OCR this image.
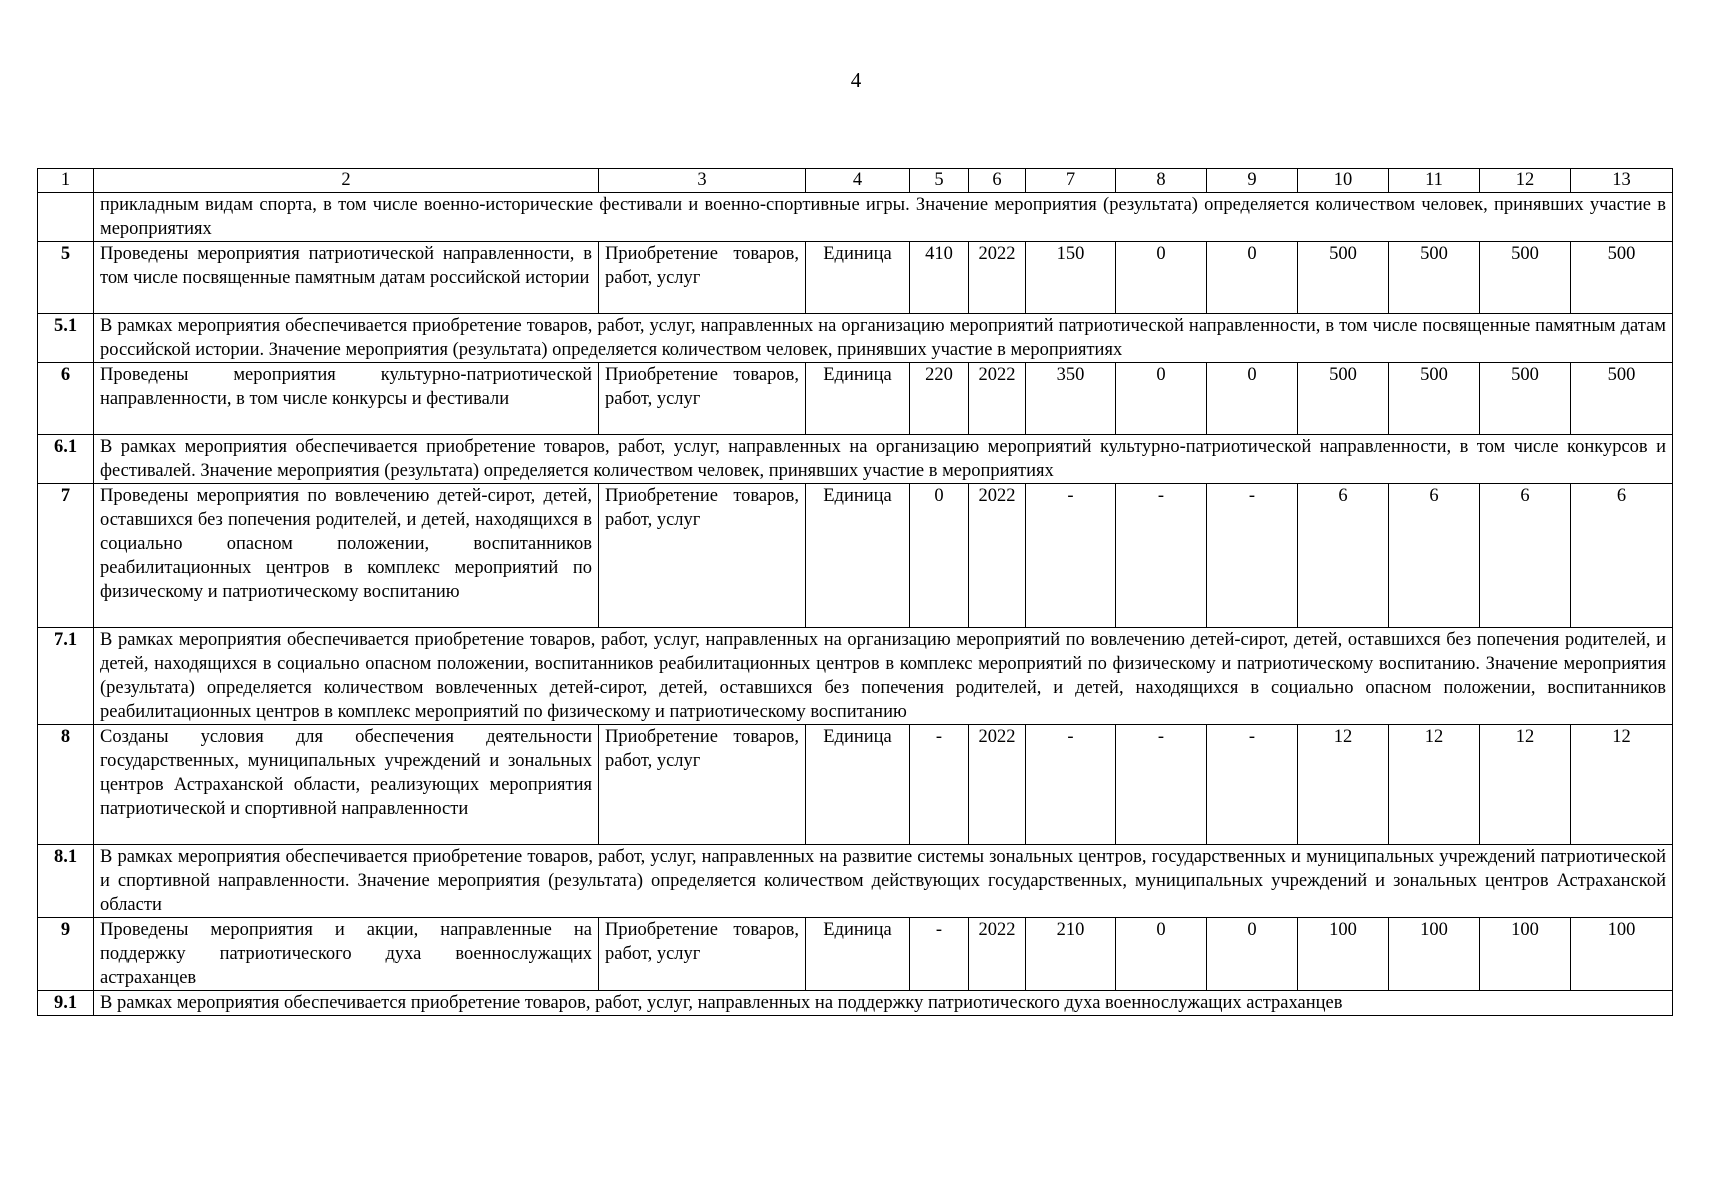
4
1	2	3	4	5	6	7	8	9	10	11	12	13
	прикладным видам спорта, в том числе военно-исторические фестивали и военно-спортивные игры. Значение мероприятия (результата) определяется количеством человек, принявших участие в мероприятиях											
5	Проведены мероприятия патриотической направленности, в том числе посвященные памятным датам российской истории	Приобретение товаров, работ, услуг	Единица	410	2022	150	0	0	500	500	500	500
5.1	В рамках мероприятия обеспечивается приобретение товаров, работ, услуг, направленных на организацию мероприятий патриотической направленности, в том числе посвященные памятным датам российской истории. Значение мероприятия (результата) определяется количеством человек, принявших участие в мероприятиях											
6	Проведены мероприятия культурно-патриотической направленности, в том числе конкурсы и фестивали	Приобретение товаров, работ, услуг	Единица	220	2022	350	0	0	500	500	500	500
6.1	В рамках мероприятия обеспечивается приобретение товаров, работ, услуг, направленных на организацию мероприятий культурно-патриотической направленности, в том числе конкурсов и фестивалей. Значение мероприятия (результата) определяется количеством человек, принявших участие в мероприятиях											
7	Проведены мероприятия по вовлечению детей-сирот, детей, оставшихся без попечения родителей, и детей, находящихся в социально опасном положении, воспитанников реабилитационных центров в комплекс мероприятий по физическому и патриотическому воспитанию	Приобретение товаров, работ, услуг	Единица	0	2022	-	-	-	6	6	6	6
7.1	В рамках мероприятия обеспечивается приобретение товаров, работ, услуг, направленных на организацию мероприятий по вовлечению детей-сирот, детей, оставшихся без попечения родителей, и детей, находящихся в социально опасном положении, воспитанников реабилитационных центров в комплекс мероприятий по физическому и патриотическому воспитанию. Значение мероприятия (результата) определяется количеством вовлеченных детей-сирот, детей, оставшихся без попечения родителей, и детей, находящихся в социально опасном положении, воспитанников реабилитационных центров в комплекс мероприятий по физическому и патриотическому воспитанию											
8	Созданы условия для обеспечения деятельности государственных, муниципальных учреждений и зональных центров Астраханской области, реализующих мероприятия патриотической и спортивной направленности	Приобретение товаров, работ, услуг	Единица	-	2022	-	-	-	12	12	12	12
8.1	В рамках мероприятия обеспечивается приобретение товаров, работ, услуг, направленных на развитие системы зональных центров, государственных и муниципальных учреждений патриотической и спортивной направленности. Значение мероприятия (результата) определяется количеством действующих государственных, муниципальных учреждений и зональных центров Астраханской области											
9	Проведены мероприятия и акции, направленные на поддержку патриотического духа военнослужащих астраханцев	Приобретение товаров, работ, услуг	Единица	-	2022	210	0	0	100	100	100	100
9.1	В рамках мероприятия обеспечивается приобретение товаров, работ, услуг, направленных на поддержку патриотического духа военнослужащих астраханцев											
